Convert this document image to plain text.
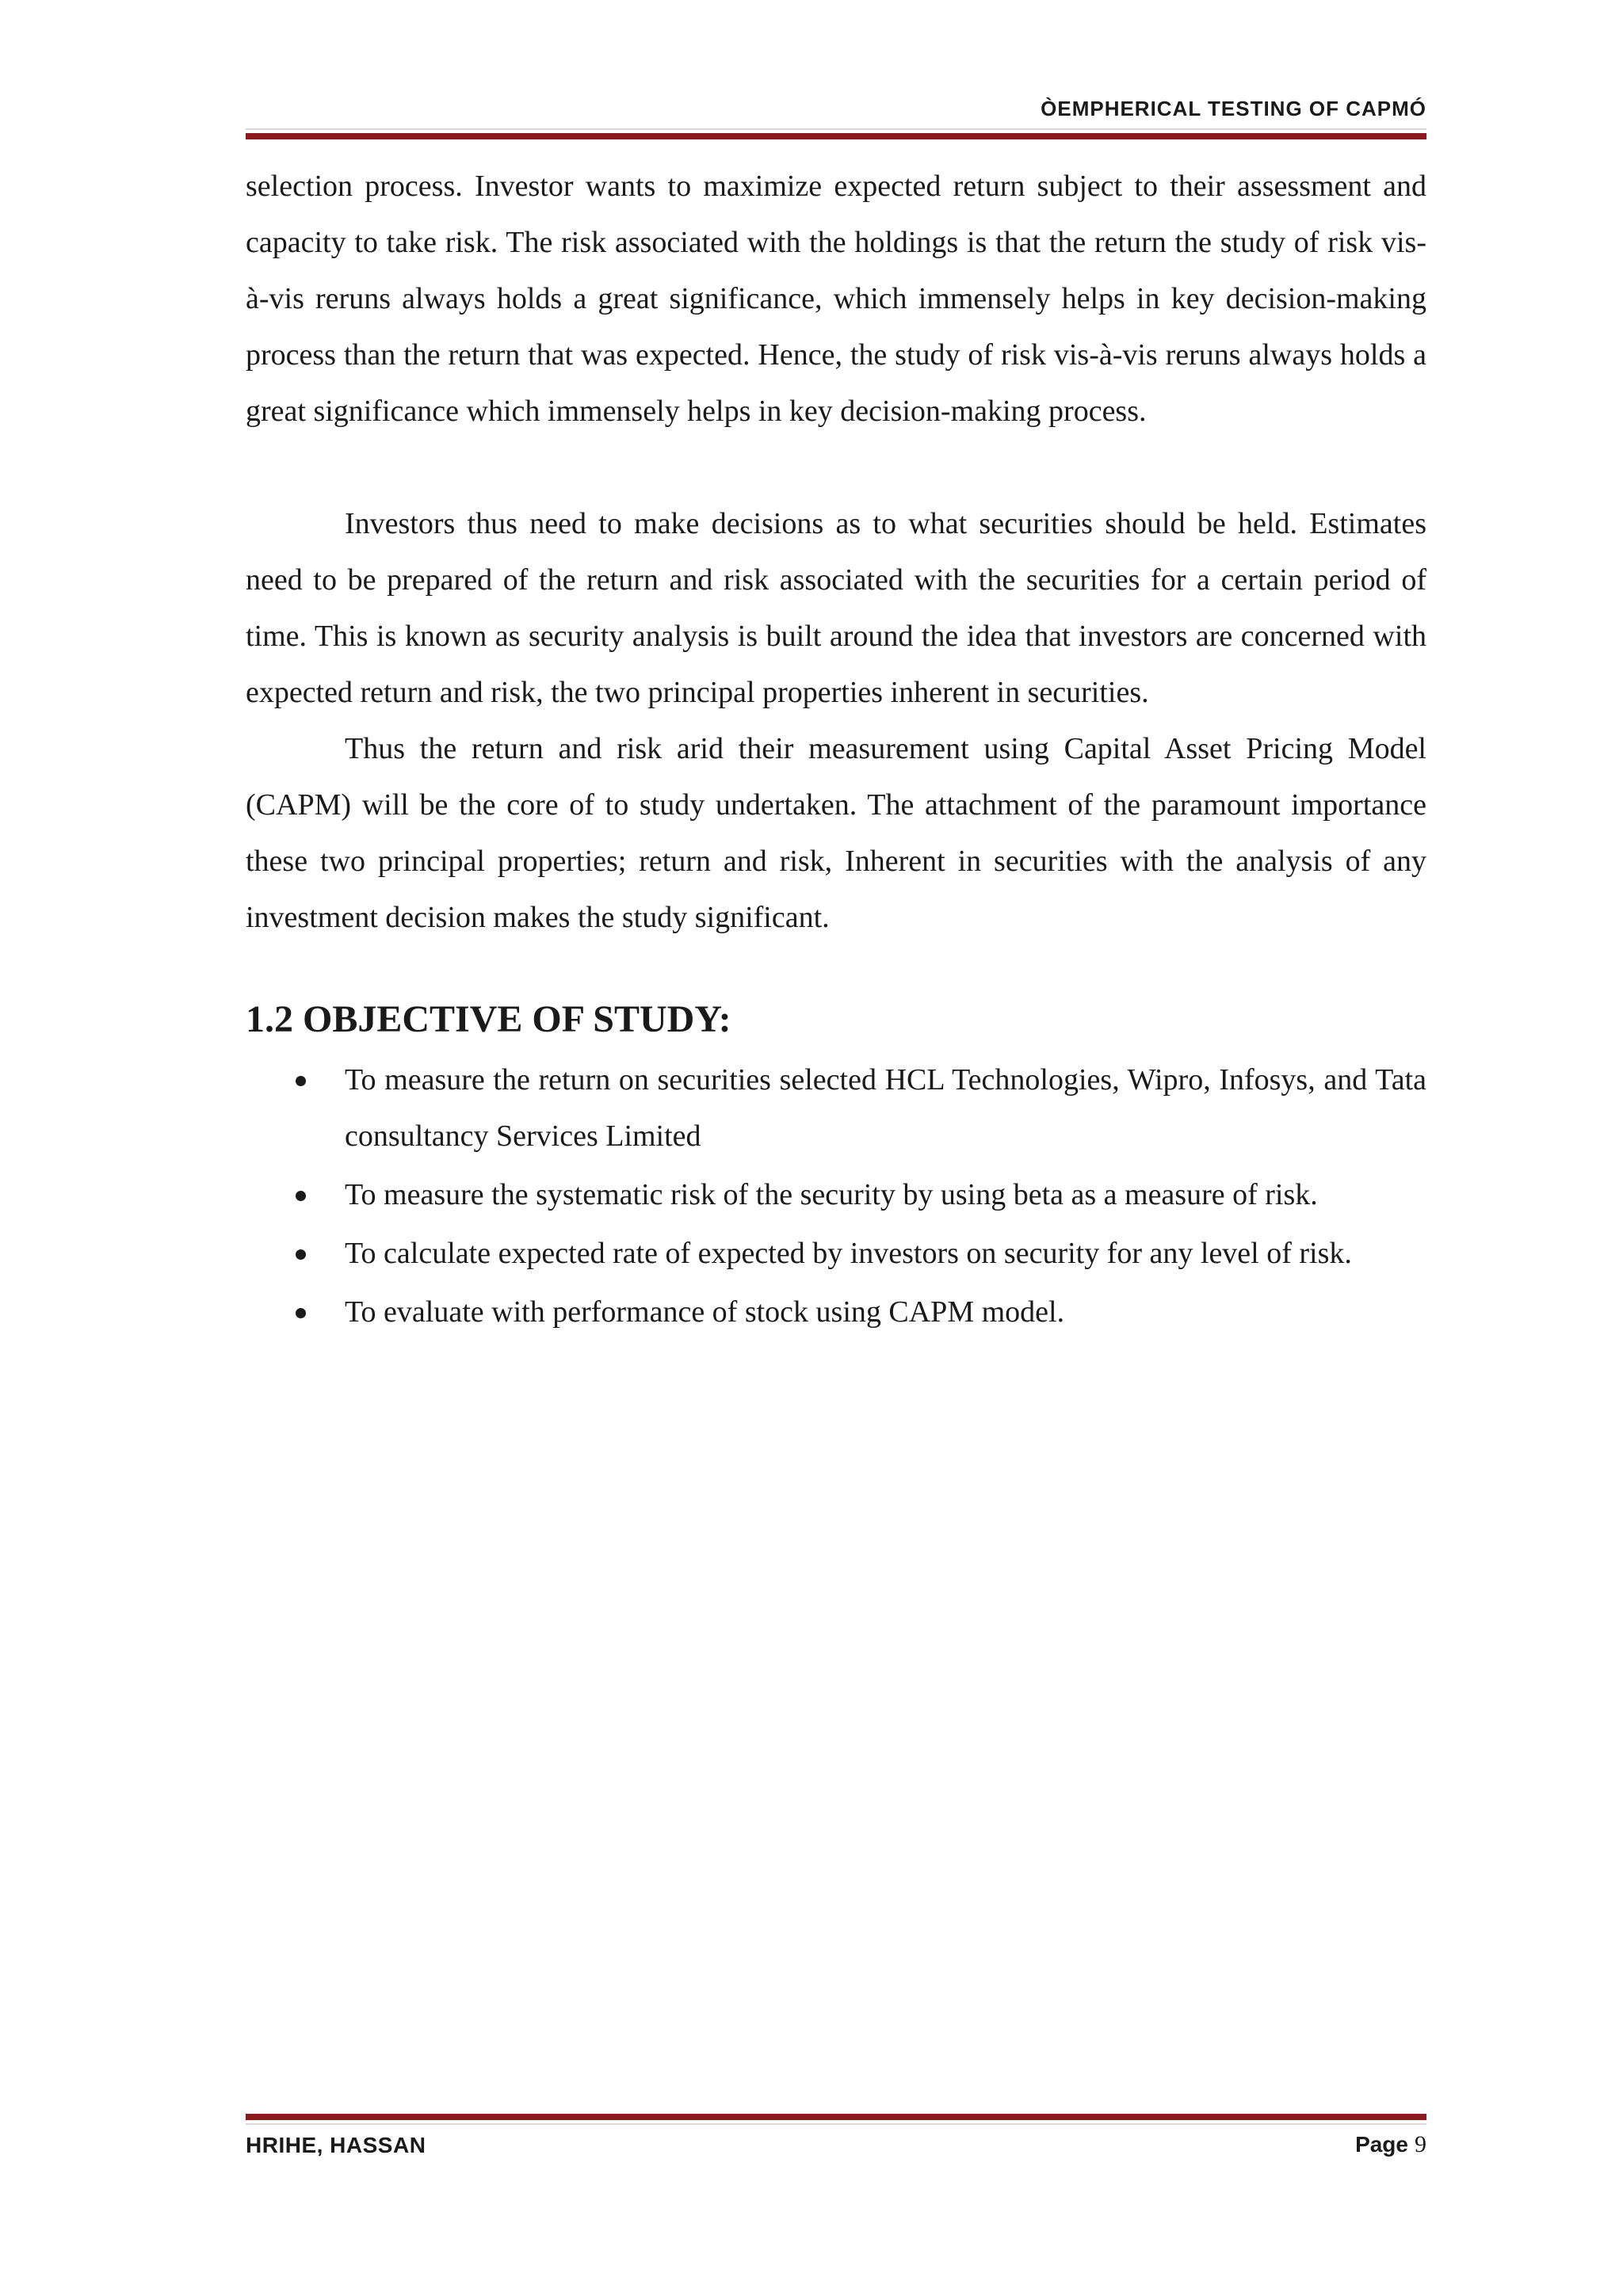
ÒEMPHERICAL TESTING OF CAPMÓ

selection process. Investor wants to maximize expected return subject to their assessment and capacity to take risk. The risk associated with the holdings is that the return the study of risk vis-à-vis reruns always holds a great significance, which immensely helps in key decision-making process than the return that was expected. Hence, the study of risk vis-à-vis reruns always holds a great significance which immensely helps in key decision-making process.

Investors thus need to make decisions as to what securities should be held. Estimates need to be prepared of the return and risk associated with the securities for a certain period of time. This is known as security analysis is built around the idea that investors are concerned with expected return and risk, the two principal properties inherent in securities.

Thus the return and risk arid their measurement using Capital Asset Pricing Model (CAPM) will be the core of to study undertaken. The attachment of the paramount importance these two principal properties; return and risk, Inherent in securities with the analysis of any investment decision makes the study significant.

1.2 OBJECTIVE OF STUDY:
To measure the return on securities selected HCL Technologies, Wipro, Infosys, and Tata consultancy Services Limited
To measure the systematic risk of the security by using beta as a measure of risk.
To calculate expected rate of expected by investors on security for any level of risk.
To evaluate with performance of stock using CAPM model.
HRIHE, HASSAN	Page 9
